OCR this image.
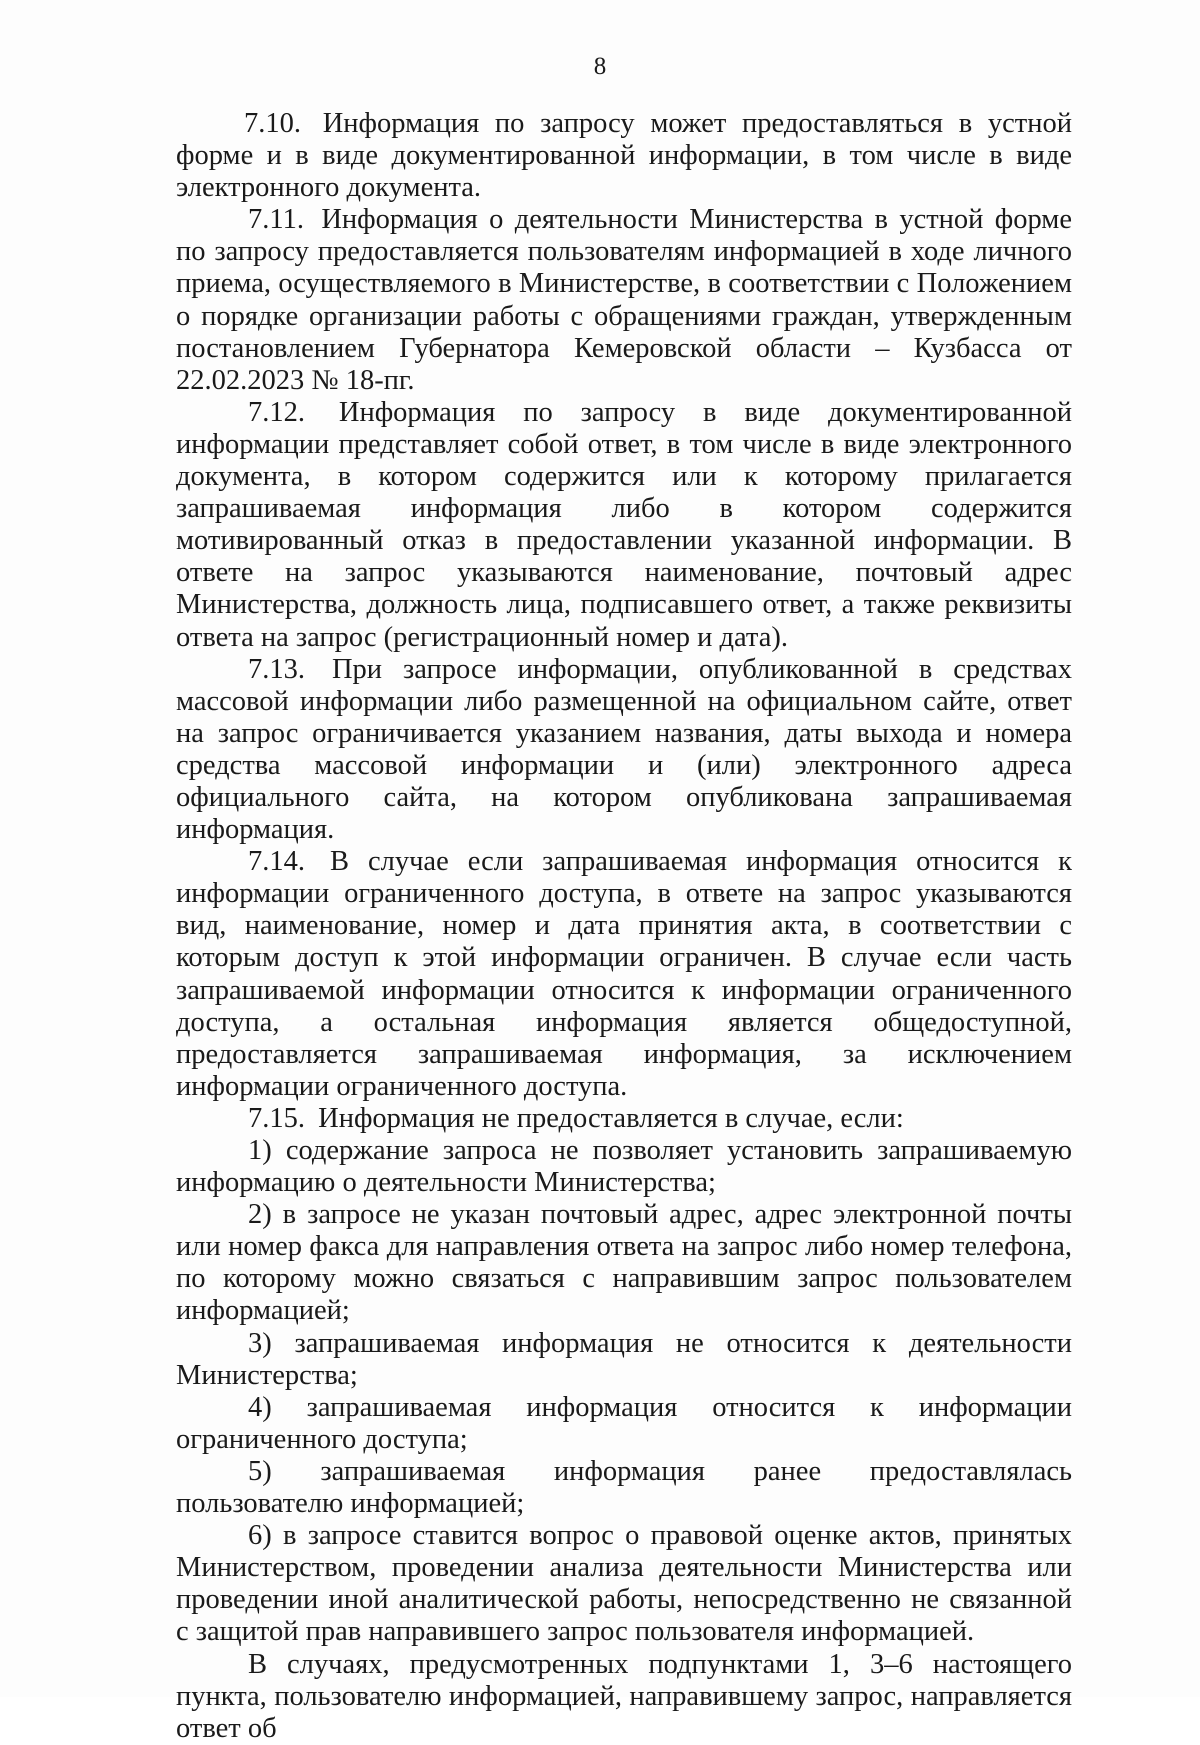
8

7.10. Информация по запросу может предоставляться в устной форме и в виде документированной информации, в том числе в виде электронного документа.

7.11. Информация о деятельности Министерства в устной форме по запросу предоставляется пользователям информацией в ходе личного приема, осуществляемого в Министерстве, в соответствии с Положением о порядке организации работы с обращениями граждан, утвержденным постановлением Губернатора Кемеровской области – Кузбасса от 22.02.2023 № 18-пг.

7.12. Информация по запросу в виде документированной информации представляет собой ответ, в том числе в виде электронного документа, в котором содержится или к которому прилагается запрашиваемая информация либо в котором содержится мотивированный отказ в предоставлении указанной информации. В ответе на запрос указываются наименование, почтовый адрес Министерства, должность лица, подписавшего ответ, а также реквизиты ответа на запрос (регистрационный номер и дата).

7.13. При запросе информации, опубликованной в средствах массовой информации либо размещенной на официальном сайте, ответ на запрос ограничивается указанием названия, даты выхода и номера средства массовой информации и (или) электронного адреса официального сайта, на котором опубликована запрашиваемая информация.

7.14. В случае если запрашиваемая информация относится к информации ограниченного доступа, в ответе на запрос указываются вид, наименование, номер и дата принятия акта, в соответствии с которым доступ к этой информации ограничен. В случае если часть запрашиваемой информации относится к информации ограниченного доступа, а остальная информация является общедоступной, предоставляется запрашиваемая информация, за исключением информации ограниченного доступа.

7.15. Информация не предоставляется в случае, если:

1) содержание запроса не позволяет установить запрашиваемую информацию о деятельности Министерства;

2) в запросе не указан почтовый адрес, адрес электронной почты или номер факса для направления ответа на запрос либо номер телефона, по которому можно связаться с направившим запрос пользователем информацией;

3) запрашиваемая информация не относится к деятельности Министерства;

4) запрашиваемая информация относится к информации ограниченного доступа;

5) запрашиваемая информация ранее предоставлялась пользователю информацией;

6) в запросе ставится вопрос о правовой оценке актов, принятых Министерством, проведении анализа деятельности Министерства или проведении иной аналитической работы, непосредственно не связанной с защитой прав направившего запрос пользователя информацией.

В случаях, предусмотренных подпунктами 1, 3–6 настоящего пункта, пользователю информацией, направившему запрос, направляется ответ об
